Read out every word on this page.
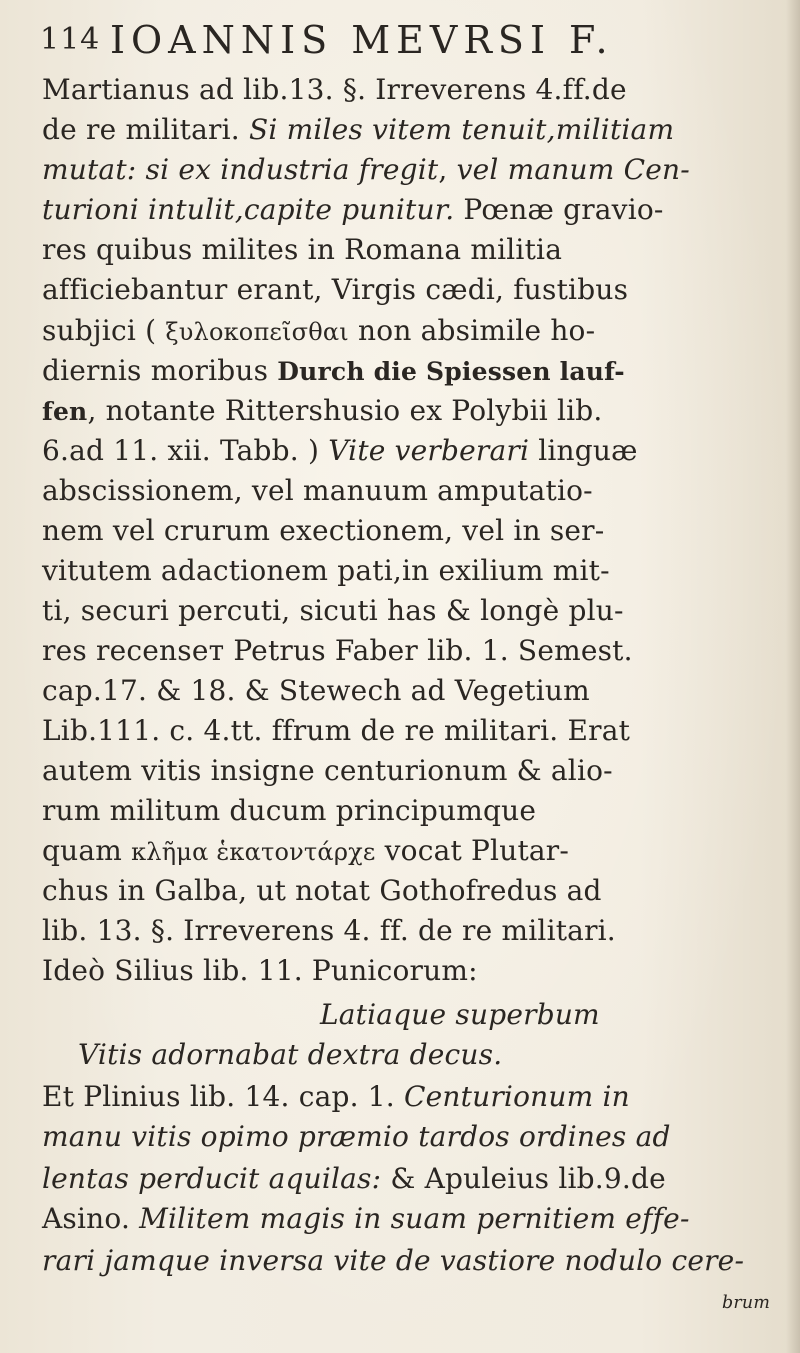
114 IOANNIS MEVRSI F.
Martianus ad lib.13. §. Irreverens 4.ff.de
de re militari. Si miles vitem tenuit,militiam
mutat: si ex industria fregit, vel manum Cen-
turioni intulit,capite punitur. Pœnæ gravio-
res quibus milites in Romana militia
afficiebantur erant, Virgis cædi, fustibus
subjici ( ξυλοκοπεῖσθαι non absimile ho-
diernis moribus Durch die Spiessen lauf-
fen, notante Rittershusio ex Polybii lib.
6.ad 11. xii. Tabb. ) Vite verberari linguæ
abscissionem, vel manuum amputatio-
nem vel crurum exectionem, vel in ser-
vitutem adactionem pati,in exilium mit-
ti, securi percuti, sicuti has & longè plu-
res recensет Petrus Faber lib. 1. Semest.
cap.17. & 18. & Stewech ad Vegetium
Lib.111. c. 4.tt. ffrum de re militari. Erat
autem vitis insigne centurionum & alio-
rum militum ducum principumque
quam κλῆμα ἑκατοντάρχε vocat Plutar-
chus in Galba, ut notat Gothofredus ad
lib. 13. §. Irreverens 4. ff. de re militari.
Ideò Silius lib. 11. Punicorum:
Latiaque superbum
Vitis adornabat dextra decus.
Et Plinius lib. 14. cap. 1. Centurionum in
manu vitis opimo præmio tardos ordines ad
lentas perducit aquilas: & Apuleius lib.9.de
Asino. Militem magis in suam pernitiem effe-
rari jamque inversa vite de vastiore nodulo cere-
brum
